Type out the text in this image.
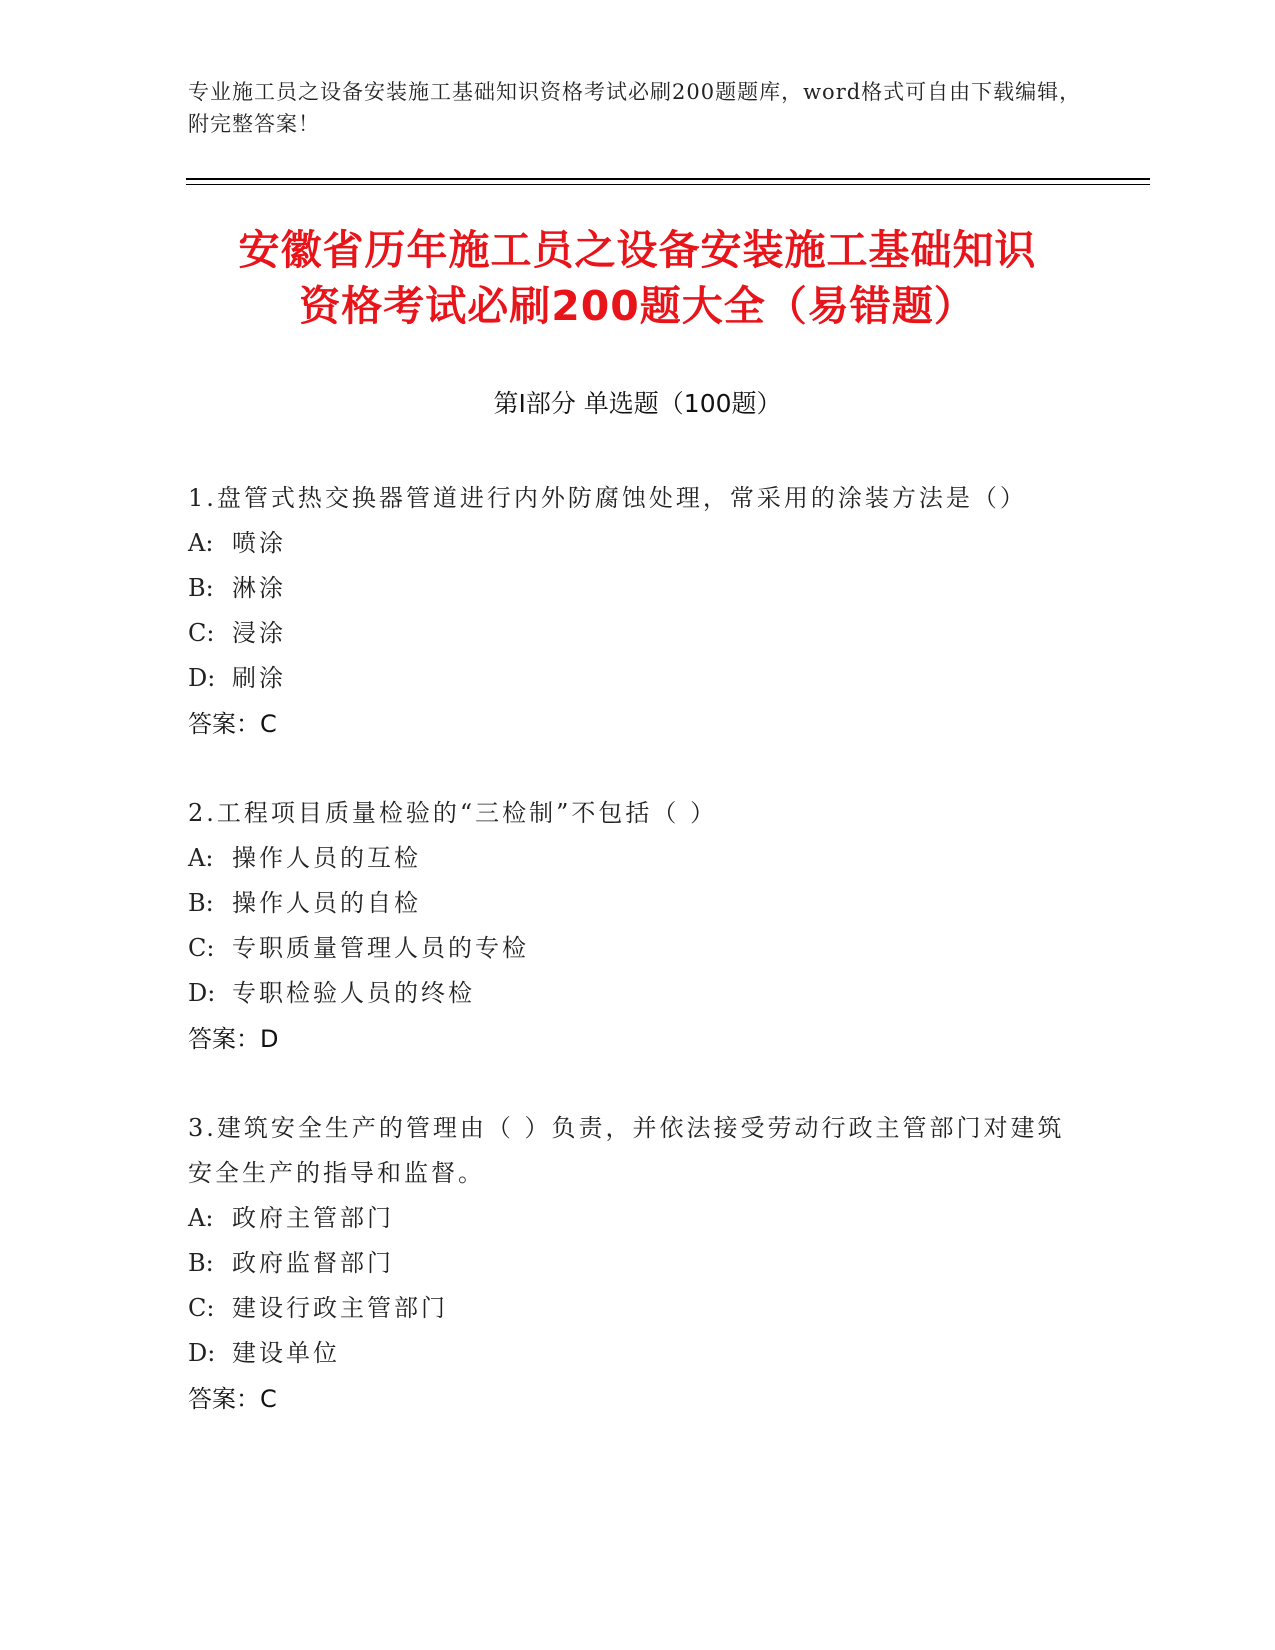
专业施工员之设备安装施工基础知识资格考试必刷200题题库，word格式可自由下载编辑，附完整答案！
安徽省历年施工员之设备安装施工基础知识
资格考试必刷200题大全（易错题）
第Ⅰ部分 单选题（100题）
1.盘管式热交换器管道进行内外防腐蚀处理，常采用的涂装方法是（）
A: 喷涂
B: 淋涂
C: 浸涂
D: 刷涂
答案：C
2.工程项目质量检验的“三检制”不包括（ ）
A: 操作人员的互检
B: 操作人员的自检
C: 专职质量管理人员的专检
D: 专职检验人员的终检
答案：D
3.建筑安全生产的管理由（ ）负责，并依法接受劳动行政主管部门对建筑安全生产的指导和监督。
A: 政府主管部门
B: 政府监督部门
C: 建设行政主管部门
D: 建设单位
答案：C
